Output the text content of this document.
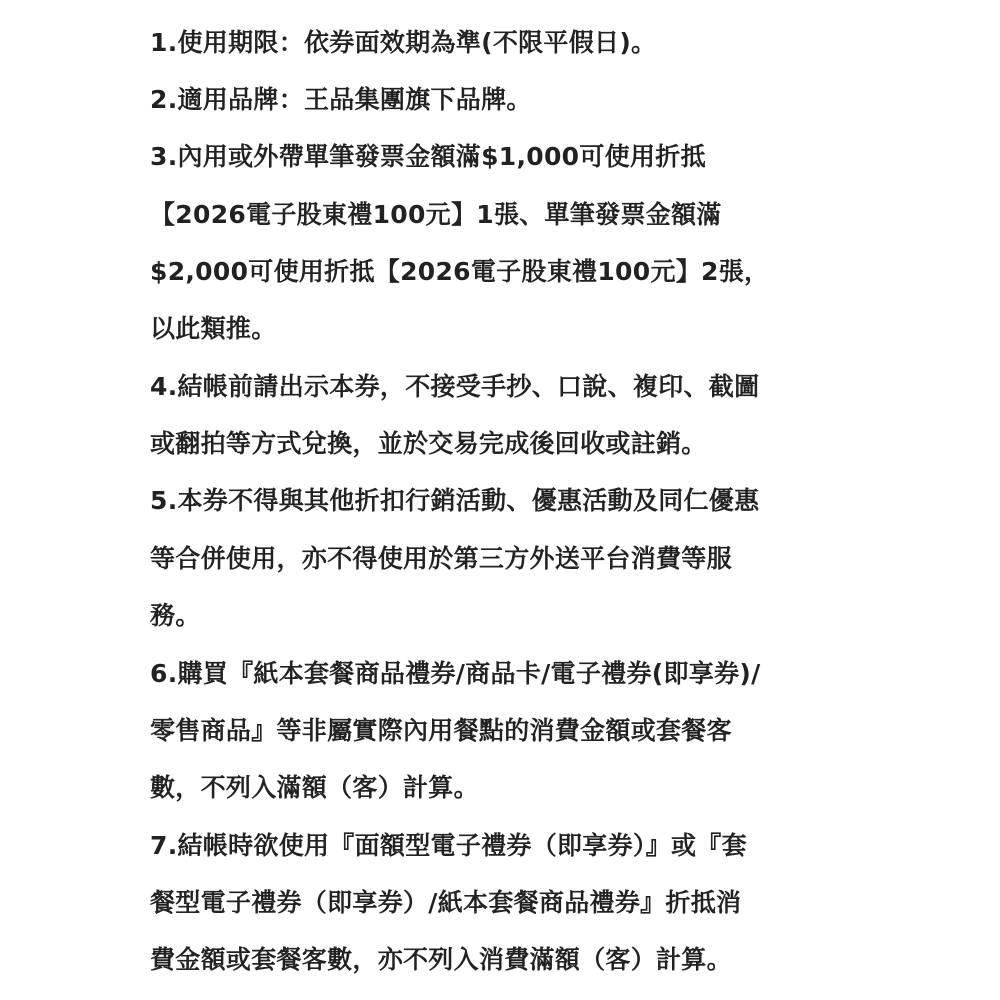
1.使用期限：依券面效期為準(不限平假日)。
2.適用品牌：王品集團旗下品牌。
3.內用或外帶單筆發票金額滿$1,000可使用折抵
【2026電子股東禮100元】1張、單筆發票金額滿
$2,000可使用折抵【2026電子股東禮100元】2張，
以此類推。
4.結帳前請出示本券，不接受手抄、口說、複印、截圖
或翻拍等方式兌換，並於交易完成後回收或註銷。
5.本券不得與其他折扣行銷活動、優惠活動及同仁優惠
等合併使用，亦不得使用於第三方外送平台消費等服
務。
6.購買『紙本套餐商品禮券/商品卡/電子禮券(即享券)/
零售商品』等非屬實際內用餐點的消費金額或套餐客
數，不列入滿額（客）計算。
7.結帳時欲使用『面額型電子禮券（即享券）』或『套
餐型電子禮券（即享券）/紙本套餐商品禮券』折抵消
費金額或套餐客數，亦不列入消費滿額（客）計算。
